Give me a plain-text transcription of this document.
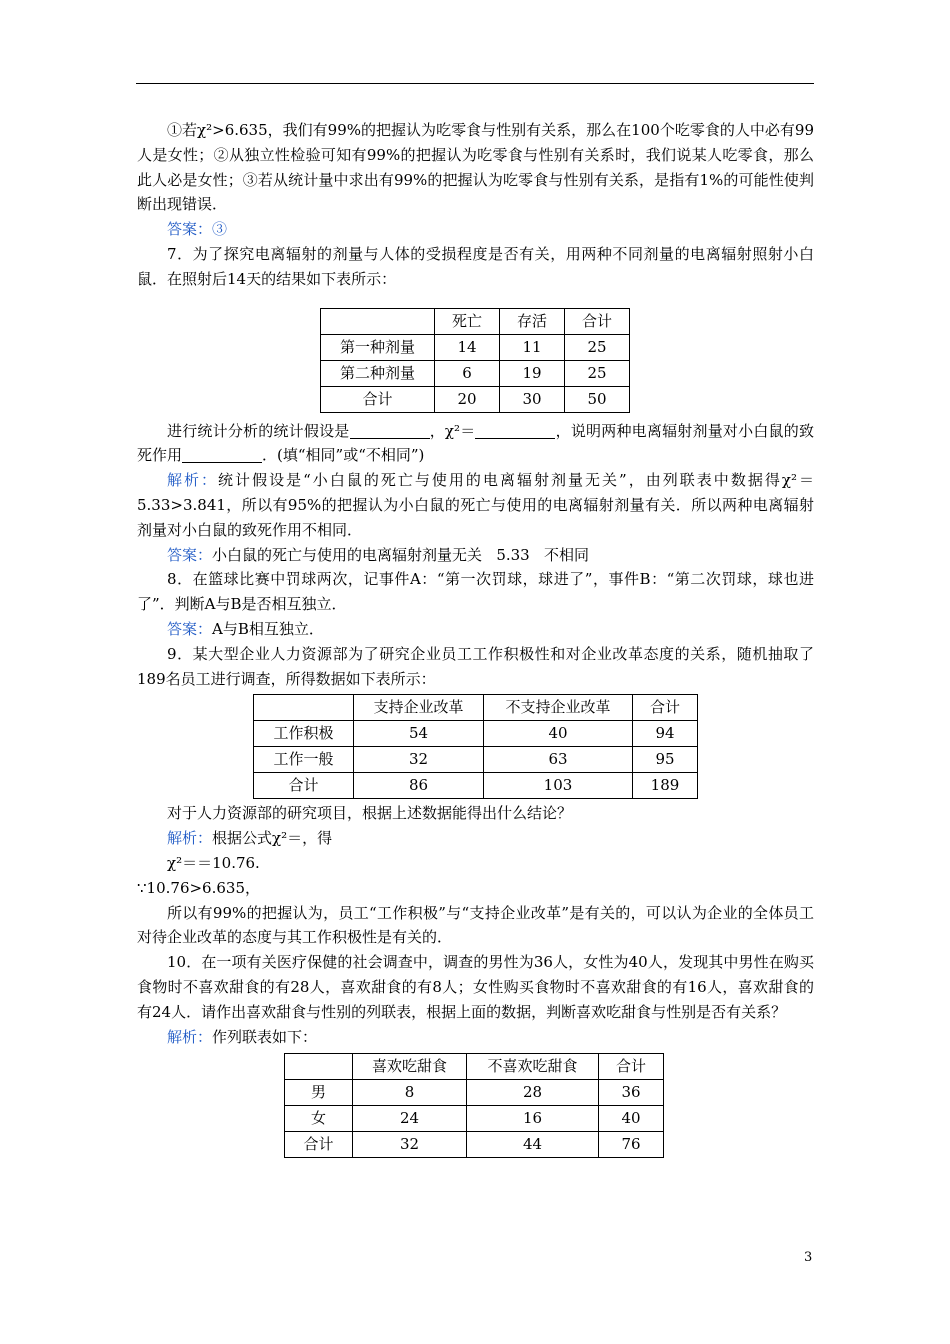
①若χ²>6.635，我们有99%的把握认为吃零食与性别有关系，那么在100个吃零食的人中必有99人是女性；②从独立性检验可知有99%的把握认为吃零食与性别有关系时，我们说某人吃零食，那么此人必是女性；③若从统计量中求出有99%的把握认为吃零食与性别有关系，是指有1%的可能性使判断出现错误．

答案：③

7．为了探究电离辐射的剂量与人体的受损程度是否有关，用两种不同剂量的电离辐射照射小白鼠．在照射后14天的结果如下表所示：

	死亡	存活	合计
第一种剂量	14	11	25
第二种剂量	6	19	25
合计	20	30	50

进行统计分析的统计假设是	，χ²＝	，说明两种电离辐射剂量对小白鼠的致死作用	．(填“相同”或“不相同”)

解析：统计假设是“小白鼠的死亡与使用的电离辐射剂量无关”，由列联表中数据得χ²＝5.33>3.841，所以有95%的把握认为小白鼠的死亡与使用的电离辐射剂量有关．所以两种电离辐射剂量对小白鼠的致死作用不相同．

答案：小白鼠的死亡与使用的电离辐射剂量无关   5.33   不相同

8．在篮球比赛中罚球两次，记事件A：“第一次罚球，球进了”，事件B：“第二次罚球，球也进了”．判断A与B是否相互独立．

答案：A与B相互独立．

9．某大型企业人力资源部为了研究企业员工工作积极性和对企业改革态度的关系，随机抽取了189名员工进行调查，所得数据如下表所示：

	支持企业改革	不支持企业改革	合计
工作积极	54	40	94
工作一般	32	63	95
合计	86	103	189

对于人力资源部的研究项目，根据上述数据能得出什么结论？

解析：根据公式χ²＝，得

χ²＝＝10.76.

∵10.76>6.635，

所以有99%的把握认为，员工“工作积极”与“支持企业改革”是有关的，可以认为企业的全体员工对待企业改革的态度与其工作积极性是有关的．

10．在一项有关医疗保健的社会调查中，调查的男性为36人，女性为40人，发现其中男性在购买食物时不喜欢甜食的有28人，喜欢甜食的有8人；女性购买食物时不喜欢甜食的有16人，喜欢甜食的有24人．请作出喜欢甜食与性别的列联表，根据上面的数据，判断喜欢吃甜食与性别是否有关系？

解析：作列联表如下：

	喜欢吃甜食	不喜欢吃甜食	合计
男	8	28	36
女	24	16	40
合计	32	44	76
3
